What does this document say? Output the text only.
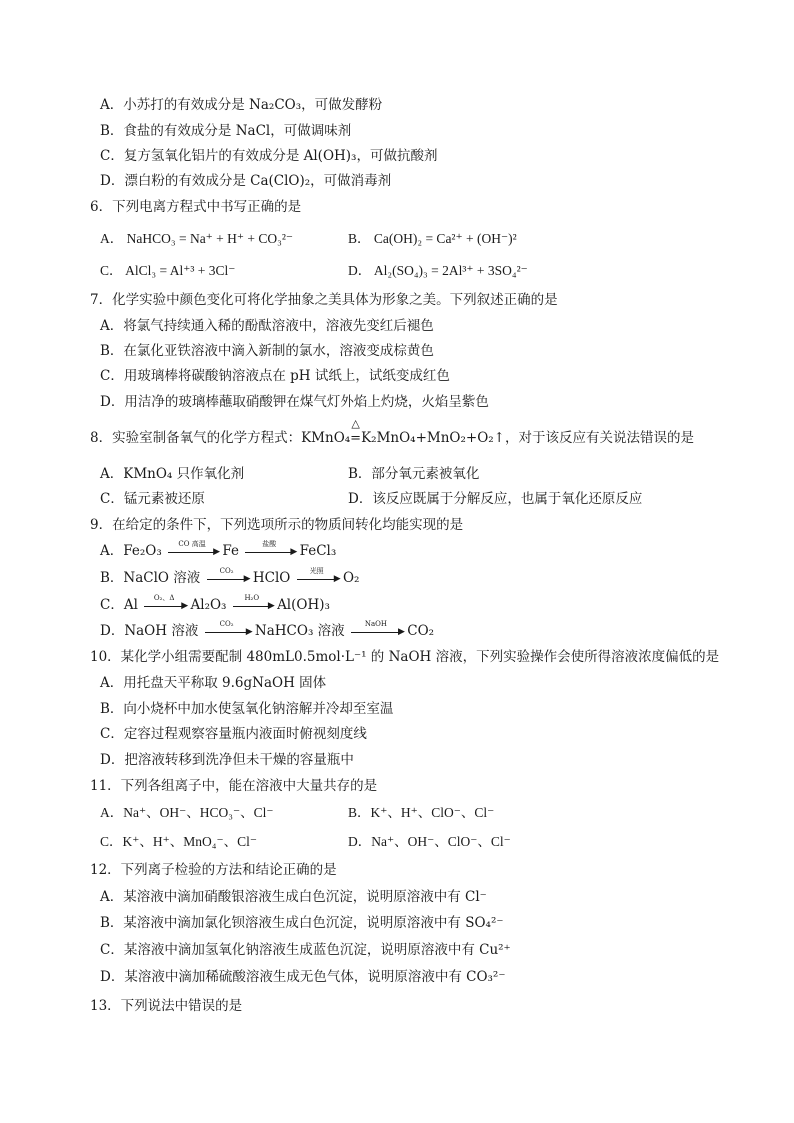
A．小苏打的有效成分是 Na₂CO₃，可做发酵粉
B．食盐的有效成分是 NaCl，可做调味剂
C．复方氢氧化铝片的有效成分是 Al(OH)₃，可做抗酸剂
D．漂白粉的有效成分是 Ca(ClO)₂，可做消毒剂
6．下列电离方程式中书写正确的是
A． NaHCO₃ = Na⁺ + H⁺ + CO₃²⁻	B． Ca(OH)₂ = Ca²⁺ + (OH⁻)²
C． AlCl₃ = Al⁺³ + 3Cl⁻	D． Al₂(SO₄)₃ = 2Al³⁺ + 3SO₄²⁻
7．化学实验中颜色变化可将化学抽象之美具体为形象之美。下列叙述正确的是
A．将氯气持续通入稀的酚酞溶液中，溶液先变红后褪色
B．在氯化亚铁溶液中滴入新制的氯水，溶液变成棕黄色
C．用玻璃棒将碳酸钠溶液点在 pH 试纸上，试纸变成红色
D．用洁净的玻璃棒蘸取硝酸钾在煤气灯外焰上灼烧，火焰呈紫色
8．实验室制备氧气的化学方程式：KMnO₄
△
=K₂MnO₄+MnO₂+O₂↑，对于该反应有关说法错误的是
A．KMnO₄ 只作氧化剂	B．部分氧元素被氧化
C．锰元素被还原	D．该反应既属于分解反应，也属于氧化还原反应
9．在给定的条件下，下列选项所示的物质间转化均能实现的是
A．Fe₂O₃	CO 高温
▶ Fe	盐酸
▶ FeCl₃
B．NaClO 溶液	CO₂
▶ HClO	光照
▶ O₂
C．Al	O₂、Δ
▶ Al₂O₃	H₂O
▶ Al(OH)₃
D．NaOH 溶液	CO₂
▶ NaHCO₃ 溶液	NaOH
▶ CO₂
10．某化学小组需要配制 480mL0.5mol·L⁻¹ 的 NaOH 溶液，下列实验操作会使所得溶液浓度偏低的是
A．用托盘天平称取 9.6gNaOH 固体
B．向小烧杯中加水使氢氧化钠溶解并冷却至室温
C．定容过程观察容量瓶内液面时俯视刻度线
D．把溶液转移到洗净但未干燥的容量瓶中
11．下列各组离子中，能在溶液中大量共存的是
A．Na⁺、OH⁻、HCO₃⁻、Cl⁻	B．K⁺、H⁺、ClO⁻、Cl⁻
C．K⁺、H⁺、MnO₄⁻、Cl⁻	D．Na⁺、OH⁻、ClO⁻、Cl⁻
12．下列离子检验的方法和结论正确的是
A．某溶液中滴加硝酸银溶液生成白色沉淀，说明原溶液中有 Cl⁻
B．某溶液中滴加氯化钡溶液生成白色沉淀，说明原溶液中有 SO₄²⁻
C．某溶液中滴加氢氧化钠溶液生成蓝色沉淀，说明原溶液中有 Cu²⁺
D．某溶液中滴加稀硫酸溶液生成无色气体，说明原溶液中有 CO₃²⁻
13．下列说法中错误的是
